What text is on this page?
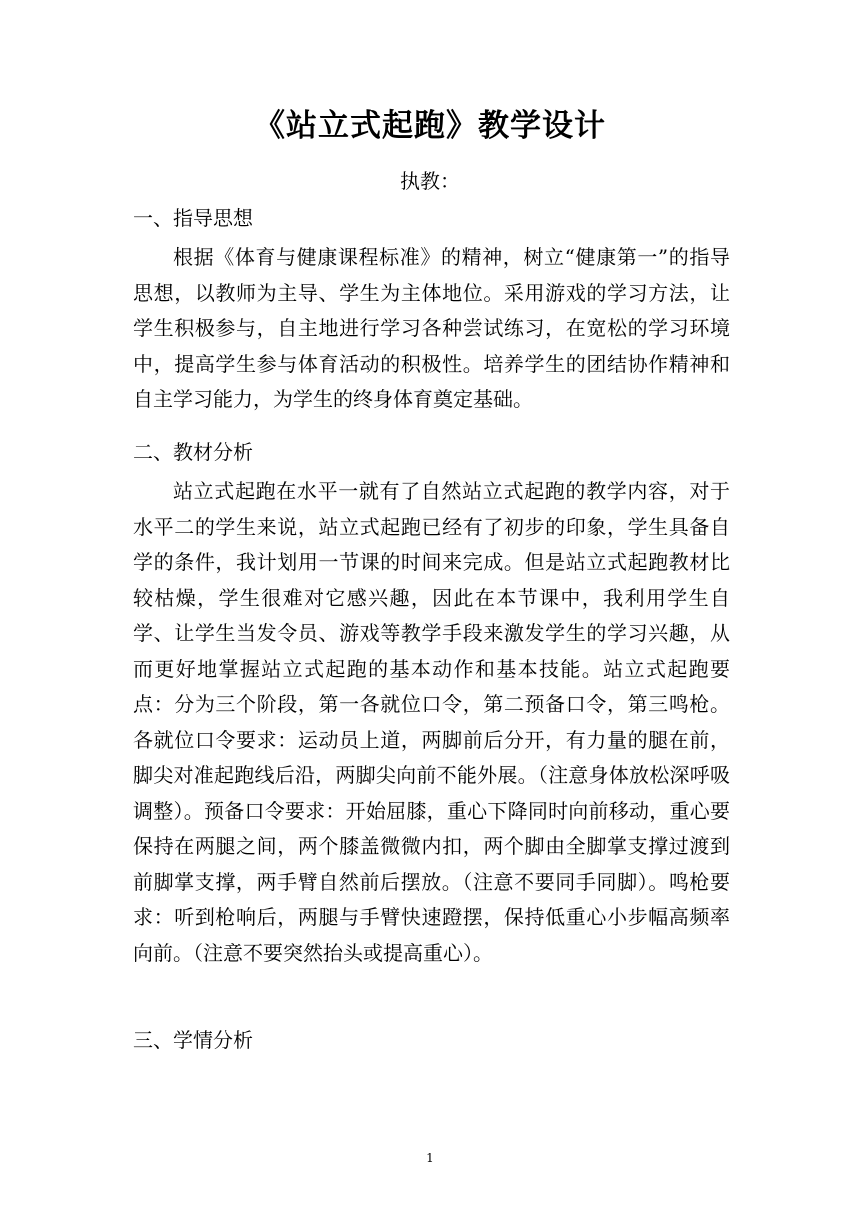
《站立式起跑》教学设计
执教：
一、指导思想

根据《体育与健康课程标准》的精神，树立“健康第一”的指导思想，以教师为主导、学生为主体地位。采用游戏的学习方法，让学生积极参与，自主地进行学习各种尝试练习，在宽松的学习环境中，提高学生参与体育活动的积极性。培养学生的团结协作精神和自主学习能力，为学生的终身体育奠定基础。

二、教材分析

站立式起跑在水平一就有了自然站立式起跑的教学内容，对于水平二的学生来说，站立式起跑已经有了初步的印象，学生具备自学的条件，我计划用一节课的时间来完成。但是站立式起跑教材比较枯燥，学生很难对它感兴趣，因此在本节课中，我利用学生自学、让学生当发令员、游戏等教学手段来激发学生的学习兴趣，从而更好地掌握站立式起跑的基本动作和基本技能。站立式起跑要点：分为三个阶段，第一各就位口令，第二预备口令，第三鸣枪。各就位口令要求：运动员上道，两脚前后分开，有力量的腿在前，脚尖对准起跑线后沿，两脚尖向前不能外展。（注意身体放松深呼吸调整）。预备口令要求：开始屈膝，重心下降同时向前移动，重心要保持在两腿之间，两个膝盖微微内扣，两个脚由全脚掌支撑过渡到前脚掌支撑，两手臂自然前后摆放。（注意不要同手同脚）。鸣枪要求：听到枪响后，两腿与手臂快速蹬摆，保持低重心小步幅高频率向前。（注意不要突然抬头或提高重心）。

三、学情分析
1
